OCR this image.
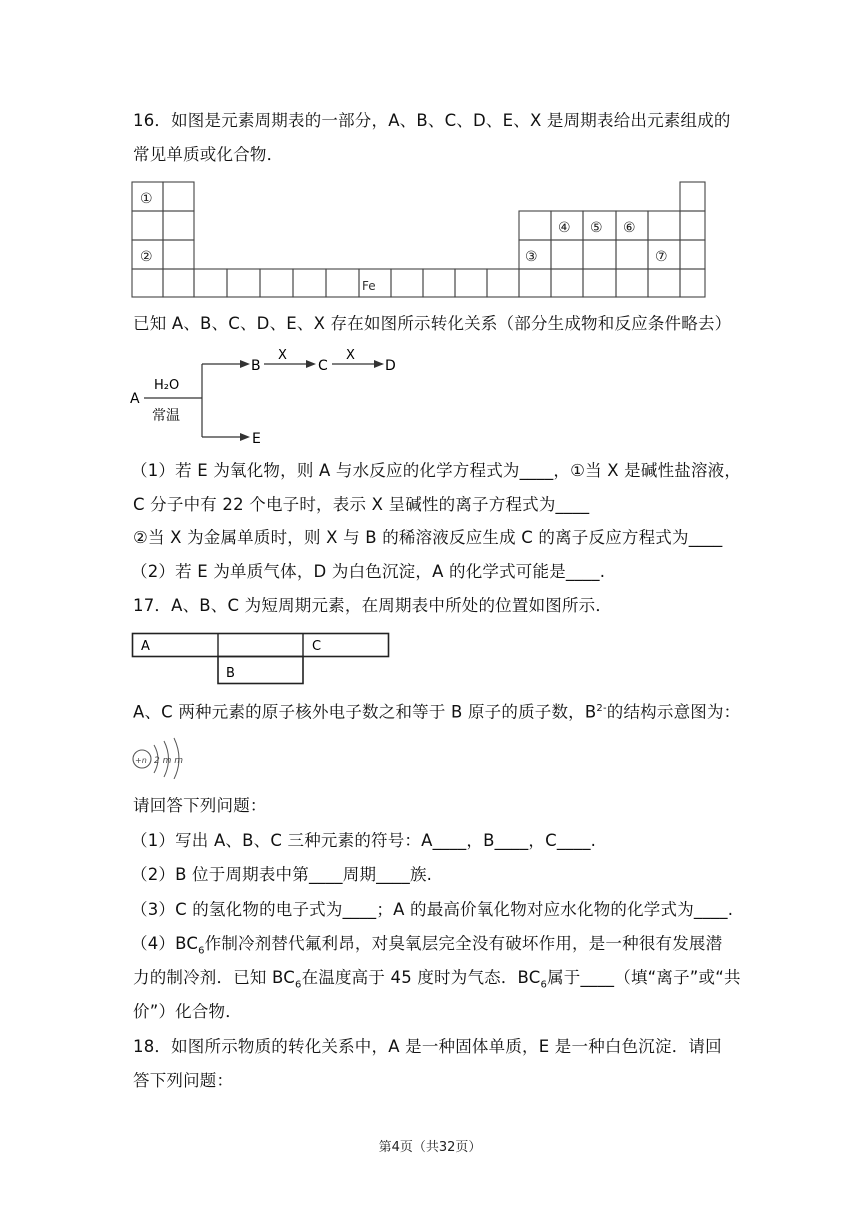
16．如图是元素周期表的一部分，A、B、C、D、E、X 是周期表给出元素组成的
常见单质或化合物．
①
②	③
④ ⑤ ⑥
⑦
Fe
已知 A、B、C、D、E、X 存在如图所示转化关系（部分生成物和反应条件略去）
A
H₂O
常温
B
X
C
X
D
E
（1）若 E 为氧化物，则 A 与水反应的化学方程式为____，①当 X 是碱性盐溶液，
C 分子中有 22 个电子时，表示 X 呈碱性的离子方程式为____
②当 X 为金属单质时，则 X 与 B 的稀溶液反应生成 C 的离子反应方程式为____
（2）若 E 为单质气体，D 为白色沉淀，A 的化学式可能是____.
17．A、B、C 为短周期元素，在周期表中所处的位置如图所示．
A	C
B
A、C 两种元素的原子核外电子数之和等于 B 原子的质子数，$B^{2-}$的结构示意图为：
+n 2 m m
请回答下列问题：
（1）写出 A、B、C 三种元素的符号：A____，B____，C____.
（2）B 位于周期表中第____周期____族.
（3）C 的氢化物的电子式为____；A 的最高价氧化物对应水化物的化学式为____.
$(4)BC_6$作制冷剂替代氟利昂，对臭氧层完全没有破坏作用，是一种很有发展潜
力的制冷剂．已知 $BC_6$在温度高于 45 度时为气态．$BC_6$属于____（填“离子”或“共
价”）化合物．
18．如图所示物质的转化关系中，A 是一种固体单质，E 是一种白色沉淀．请回
答下列问题：
第4页（共32页）
